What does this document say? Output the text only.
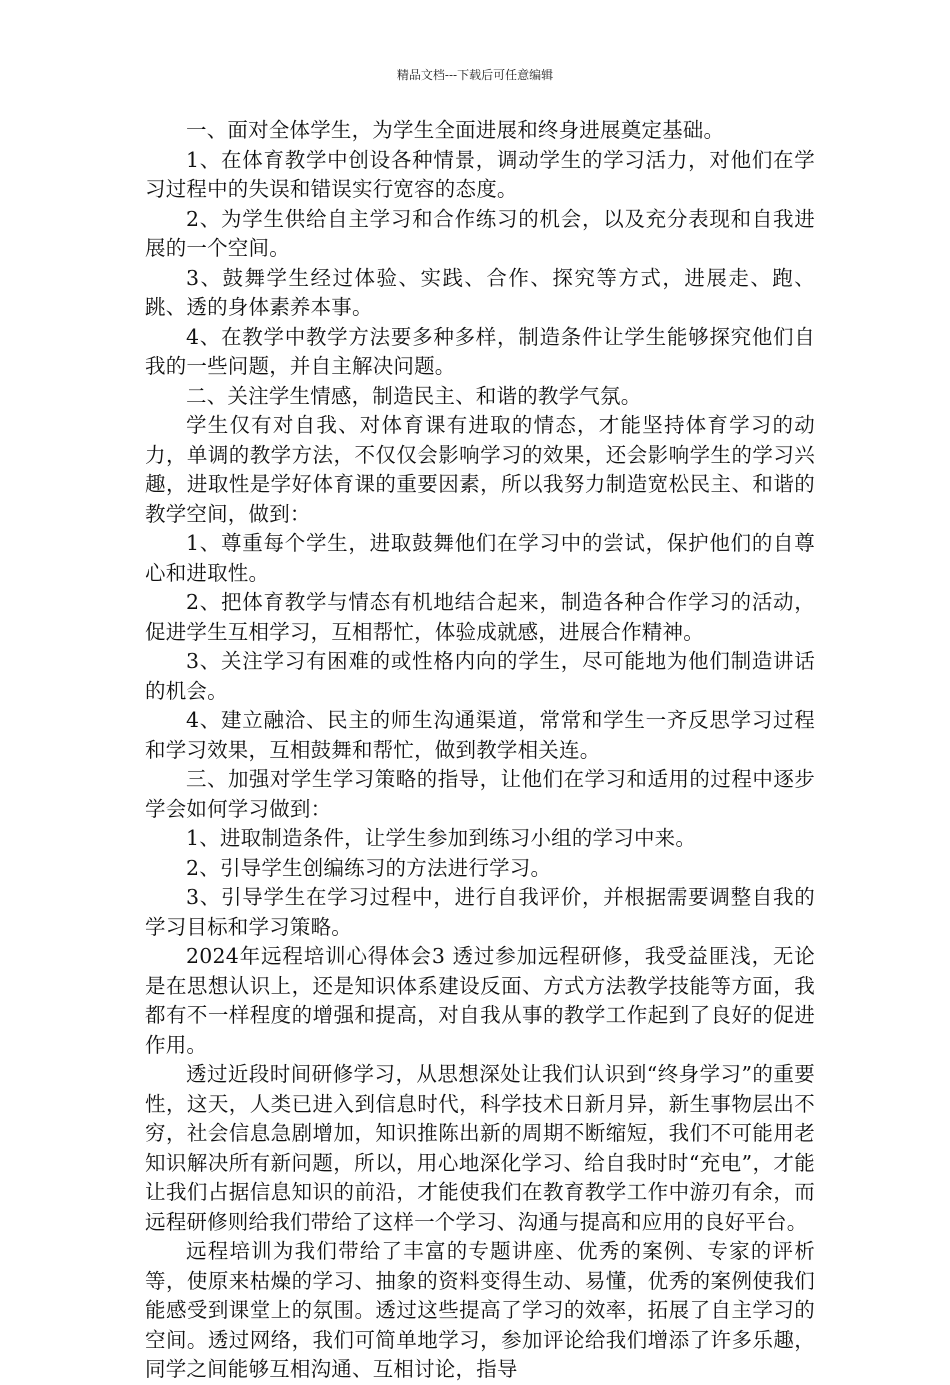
精品文档---下载后可任意编辑

一、面对全体学生，为学生全面进展和终身进展奠定基础。

1、在体育教学中创设各种情景，调动学生的学习活力，对他们在学习过程中的失误和错误实行宽容的态度。

2、为学生供给自主学习和合作练习的机会，以及充分表现和自我进展的一个空间。

3、鼓舞学生经过体验、实践、合作、探究等方式，进展走、跑、跳、透的身体素养本事。

4、在教学中教学方法要多种多样，制造条件让学生能够探究他们自我的一些问题，并自主解决问题。

二、关注学生情感，制造民主、和谐的教学气氛。

学生仅有对自我、对体育课有进取的情态，才能坚持体育学习的动力，单调的教学方法，不仅仅会影响学习的效果，还会影响学生的学习兴趣，进取性是学好体育课的重要因素，所以我努力制造宽松民主、和谐的教学空间，做到：

1、尊重每个学生，进取鼓舞他们在学习中的尝试，保护他们的自尊心和进取性。

2、把体育教学与情态有机地结合起来，制造各种合作学习的活动，促进学生互相学习，互相帮忙，体验成就感，进展合作精神。

3、关注学习有困难的或性格内向的学生，尽可能地为他们制造讲话的机会。

4、建立融洽、民主的师生沟通渠道，常常和学生一齐反思学习过程和学习效果，互相鼓舞和帮忙，做到教学相关连。

三、加强对学生学习策略的指导，让他们在学习和适用的过程中逐步学会如何学习做到：

1、进取制造条件，让学生参加到练习小组的学习中来。

2、引导学生创编练习的方法进行学习。

3、引导学生在学习过程中，进行自我评价，并根据需要调整自我的学习目标和学习策略。

2024年远程培训心得体会3 透过参加远程研修，我受益匪浅，无论是在思想认识上，还是知识体系建设反面、方式方法教学技能等方面，我都有不一样程度的增强和提高，对自我从事的教学工作起到了良好的促进作用。

透过近段时间研修学习，从思想深处让我们认识到“终身学习”的重要性，这天，人类已进入到信息时代，科学技术日新月异，新生事物层出不穷，社会信息急剧增加，知识推陈出新的周期不断缩短，我们不可能用老知识解决所有新问题，所以，用心地深化学习、给自我时时“充电”，才能让我们占据信息知识的前沿，才能使我们在教育教学工作中游刃有余，而远程研修则给我们带给了这样一个学习、沟通与提高和应用的良好平台。

远程培训为我们带给了丰富的专题讲座、优秀的案例、专家的评析等，使原来枯燥的学习、抽象的资料变得生动、易懂，优秀的案例使我们能感受到课堂上的氛围。透过这些提高了学习的效率，拓展了自主学习的空间。透过网络，我们可简单地学习，参加评论给我们增添了许多乐趣，同学之间能够互相沟通、互相讨论，指导
